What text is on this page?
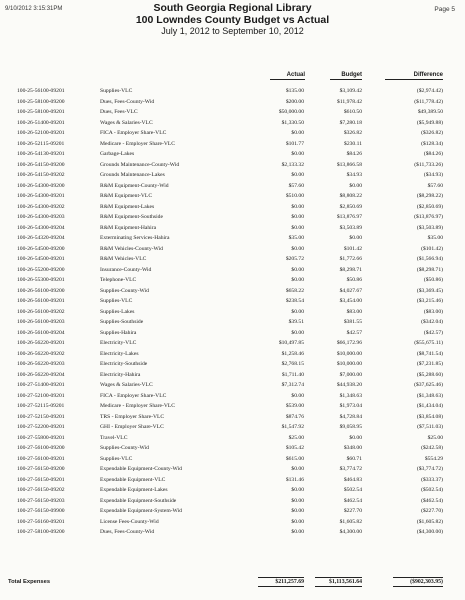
9/10/2012 3:15:31PM	Page 5
South Georgia Regional Library
100 Lowndes County Budget vs Actual
July 1, 2012 to September 10, 2012
Actual	Budget	Difference
100-25-56100-09201	Supplies-VLC	$135.00	$3,109.42	($2,974.42)
100-25-58100-09200	Dues, Fees-County-Wid	$200.00	$11,978.42	($11,778.42)
100-25-58100-09201	Dues, Fees-VLC	$50,000.00	$610.50	$49,389.50
100-26-51400-09201	Wages & Salaries-VLC	$1,330.50	$7,280.18	($5,949.88)
100-26-52100-09201	FICA - Employer Share-VLC	$0.00	$326.82	($326.82)
100-26-52115-09201	Medicare - Employer Share-VLC	$101.77	$230.11	($128.34)
100-26-54130-09201	Garbage-Lakes	$0.00	$84.26	($84.26)
100-26-54150-09200	Grounds Maintenance-County-Wid	$2,133.32	$13,866.58	($11,733.26)
100-26-54150-09202	Grounds Maintenance-Lakes	$0.00	$34.93	($34.93)
100-26-54300-09200	R&M Equipment-County-Wid	$57.60	$0.00	$57.60
100-26-54300-09201	R&M Equipment-VLC	$510.00	$8,808.22	($8,298.22)
100-26-54300-09202	R&M Equipment-Lakes	$0.00	$2,850.69	($2,850.69)
100-26-54300-09203	R&M Equipment-Southside	$0.00	$13,876.97	($13,876.97)
100-26-54300-09204	R&M Equipment-Hahira	$0.00	$3,503.89	($3,503.89)
100-26-54320-09204	Exterminating Services-Hahira	$35.00	$0.00	$35.00
100-26-54500-09200	R&M Vehicles-County-Wid	$0.00	$101.42	($101.42)
100-26-54500-09201	R&M Vehicles-VLC	$205.72	$1,772.66	($1,566.94)
100-26-55200-09200	Insurance-County-Wid	$0.00	$8,298.71	($8,298.71)
100-26-55300-09201	Telephone-VLC	$0.00	$50.86	($50.86)
100-26-56100-09200	Supplies-County-Wid	$658.22	$4,027.67	($3,369.45)
100-26-56100-09201	Supplies-VLC	$238.54	$3,454.00	($3,215.46)
100-26-56100-09202	Supplies-Lakes	$0.00	$83.00	($83.00)
100-26-56100-09203	Supplies-Southside	$39.51	$381.55	($342.04)
100-26-56100-09204	Supplies-Hahira	$0.00	$42.57	($42.57)
100-26-56220-09201	Electricity-VLC	$10,497.85	$66,172.96	($55,675.11)
100-26-56220-09202	Electricity-Lakes	$1,258.46	$10,000.00	($8,741.54)
100-26-56220-09203	Electricity-Southside	$2,768.15	$10,000.00	($7,231.85)
100-26-56220-09204	Electricity-Hahira	$1,711.40	$7,000.00	($5,288.60)
100-27-51400-09201	Wages & Salaries-VLC	$7,312.74	$44,938.20	($37,625.46)
100-27-52100-09201	FICA - Employer Share-VLC	$0.00	$1,348.63	($1,348.63)
100-27-52115-09201	Medicare - Employer Share-VLC	$539.00	$1,973.04	($1,434.04)
100-27-52150-09201	TRS - Employer Share-VLC	$874.76	$4,728.84	($3,854.08)
100-27-52200-09201	GHI - Employer Share-VLC	$1,547.92	$9,058.95	($7,511.03)
100-27-55800-09201	Travel-VLC	$25.00	$0.00	$25.00
100-27-56100-09200	Supplies-County-Wid	$105.42	$348.00	($242.58)
100-27-56100-09201	Supplies-VLC	$615.00	$60.71	$554.29
100-27-56150-09200	Expendable Equipment-County-Wid	$0.00	$3,774.72	($3,774.72)
100-27-56150-09201	Expendable Equipment-VLC	$131.46	$464.83	($333.37)
100-27-56150-09202	Expendable Equipment-Lakes	$0.00	$502.54	($502.54)
100-27-56150-09203	Expendable Equipment-Southside	$0.00	$462.54	($462.54)
100-27-56150-09900	Expendable Equipment-System-Wid	$0.00	$227.70	($227.70)
100-27-56160-09201	License Fees-County-Wid	$0.00	$1,605.82	($1,605.82)
100-27-58100-09200	Dues, Fees-County-Wid	$0.00	$4,300.00	($4,300.00)
Total Expenses	$211,257.69	$1,113,561.64	($902,303.95)
